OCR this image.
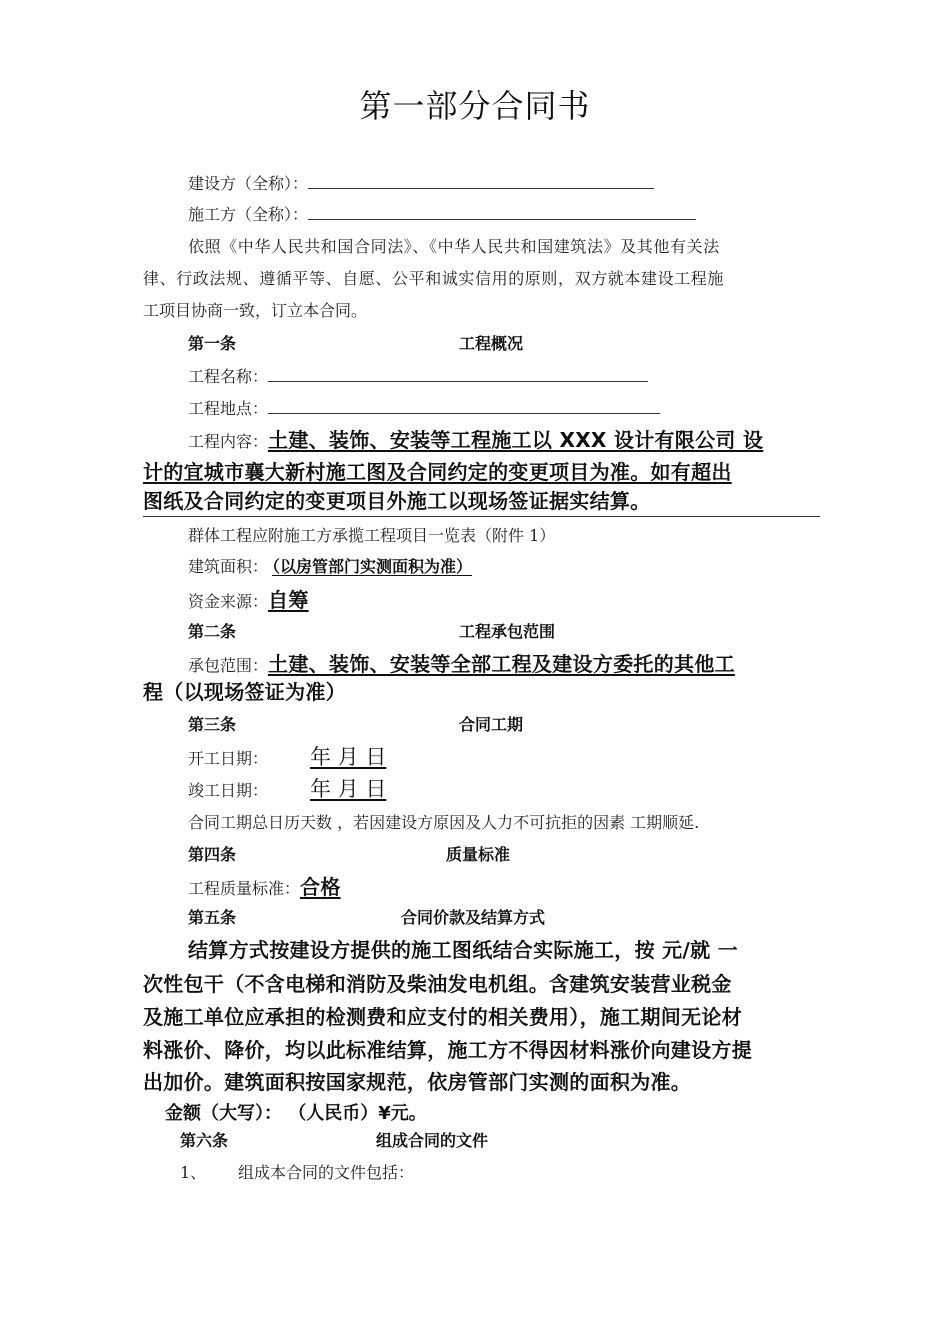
第一部分合同书
建设方（全称）：
施工方（全称）：
依照《中华人民共和国合同法》、《中华人民共和国建筑法》及其他有关法
律、行政法规、遵循平等、自愿、公平和诚实信用的原则，双方就本建设工程施
工项目协商一致，订立本合同。
第一条	工程概况
工程名称：
工程地点：
工程内容：土建、装饰、安装等工程施工以 XXX 设计有限公司 设
计的宜城市襄大新村施工图及合同约定的变更项目为准。如有超出
图纸及合同约定的变更项目外施工以现场签证据实结算。
群体工程应附施工方承揽工程项目一览表（附件 1）
建筑面积： （以房管部门实测面积为准）
资金来源：自筹
第二条	工程承包范围
承包范围：土建、装饰、安装等全部工程及建设方委托的其他工
程（以现场签证为准）
第三条	合同工期
开工日期： 年 月 日
竣工日期： 年 月 日
合同工期总日历天数 ，若因建设方原因及人力不可抗拒的因素 工期顺延.
第四条	质量标准
工程质量标准：合格
第五条	合同价款及结算方式
结算方式按建设方提供的施工图纸结合实际施工，按 元/就 一
次性包干（不含电梯和消防及柴油发电机组。含建筑安装营业税金
及施工单位应承担的检测费和应支付的相关费用），施工期间无论材
料涨价、降价，均以此标准结算，施工方不得因材料涨价向建设方提
出加价。建筑面积按国家规范，依房管部门实测的面积为准。
金额（大写）： （人民币）¥元。
第六条	组成合同的文件
1、 组成本合同的文件包括：
